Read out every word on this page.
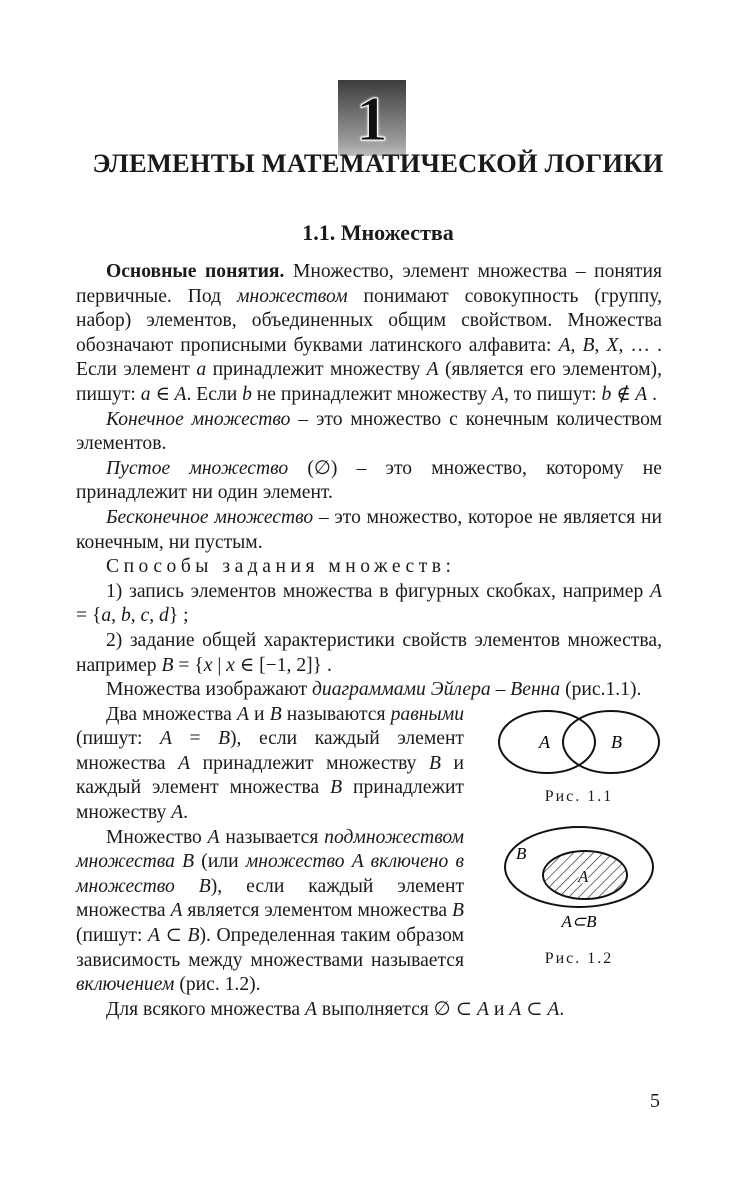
1
ЭЛЕМЕНТЫ МАТЕМАТИЧЕСКОЙ ЛОГИКИ
1.1. Множества

Основные понятия. Множество, элемент множества – понятия первичные. Под множеством понимают совокупность (группу, набор) элементов, объединенных общим свойством. Множества обозначают прописными буквами латинского алфавита: A, B, X, … . Если элемент a принадлежит множеству A (является его элементом), пишут: a ∈ A. Если b не принадлежит множеству A, то пишут: b ∉ A .

Конечное множество – это множество с конечным количеством элементов.

Пустое множество (∅) – это множество, которому не принадлежит ни один элемент.

Бесконечное множество – это множество, которое не является ни конечным, ни пустым.

Способы задания множеств:

1) запись элементов множества в фигурных скобках, например A = {a, b, c, d} ;

2) задание общей характеристики свойств элементов множества, например B = {x | x ∈ [−1, 2]} .

Множества изображают диаграммами Эйлера – Венна (рис.1.1).

A	B
Рис. 1.1
A
B
A⊂B
Рис. 1.2

Два множества A и B называются равными (пишут: A = B), если каждый элемент множества A принадлежит множеству B и каждый элемент множества B принадлежит множеству A.

Множество A называется подмножеством множества B (или множество A включено в множество B), если каждый элемент множества A является элементом множества B (пишут: A ⊂ B). Определенная таким образом зависимость между множествами называется включением (рис. 1.2).

Для всякого множества A выполняется ∅ ⊂ A и A ⊂ A.

5
